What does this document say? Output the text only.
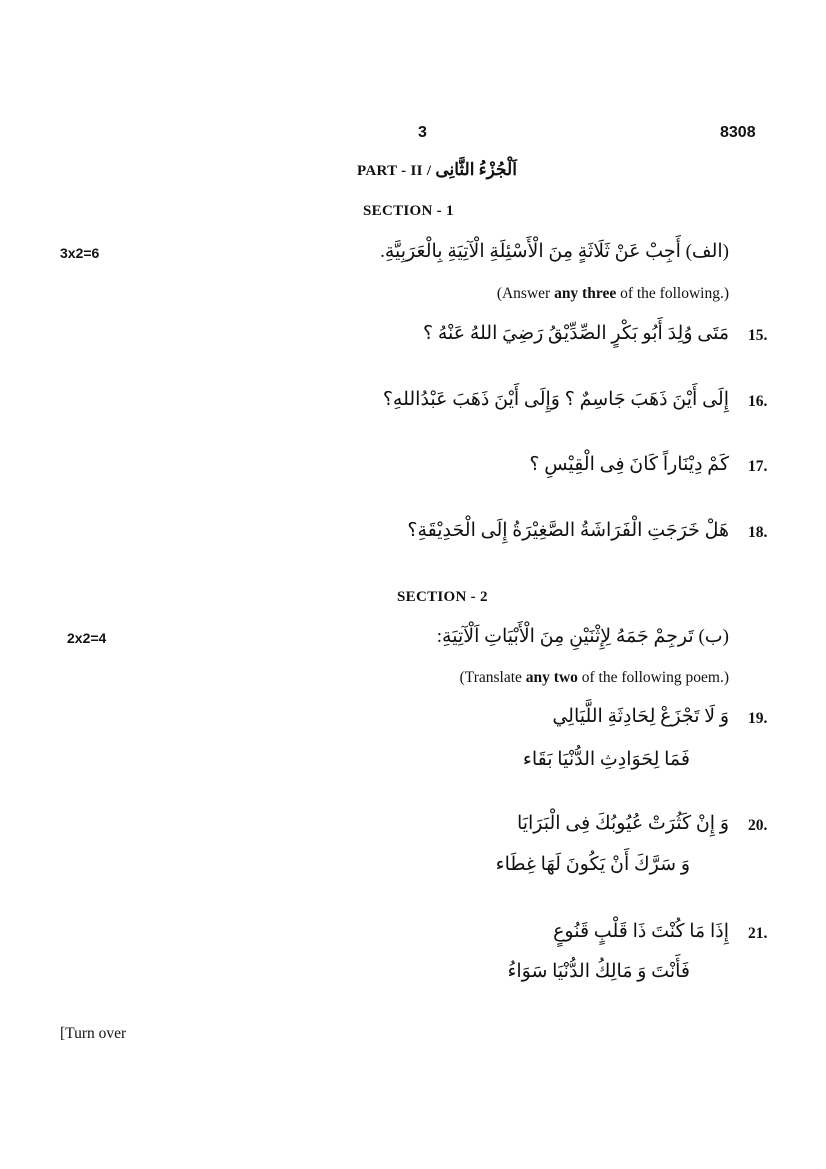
3	8308
PART - II / اَلْجُزْءُ الثَّانِى
SECTION - 1
3x2=6	(الف) أَجِبْ عَنْ ثَلَاثَةٍ مِنَ الْأَسْئِلَةِ الْآتِيَةِ بِالْعَرَبِيَّةِ.
(Answer any three of the following.)
15.
مَتَى وُلِدَ أَبُو بَكْرٍ الصِّدِّيْقُ رَضِيَ اللهُ عَنْهُ ؟
16.
إِلَى أَيْنَ ذَهَبَ جَاسِمٌ ؟ وَإِلَى أَيْنَ ذَهَبَ عَبْدُاللهِ؟
17.
كَمْ دِيْنَاراً كَانَ فِى الْقِيْسِ ؟
18.
هَلْ خَرَجَتِ الْفَرَاشَةُ الصَّغِيْرَةُ إِلَى الْحَدِيْقَةِ؟
SECTION - 2
2x2=4	(ب) تَرجِمْ جَمَهُ لِإِثْنَيْنِ مِنَ الْأَبْيَاتِ اَلْآتِيَةِ:
(Translate any two of the following poem.)
19.
وَ لَا تَجْزَعْ لِحَادِثَةِ اللَّيَالِي
فَمَا لِحَوَادِثِ الدُّنْيَا بَقَاء
20.
وَ إِنْ كَثُرَتْ عُيُوبُكَ فِى الْبَرَايَا
وَ سَرَّكَ أَنْ يَكُونَ لَهَا غِطَاء
21.
إِذَا مَا كُنْتَ ذَا قَلْبٍ قَنُوعٍ
فَأَنْتَ وَ مَالِكُ الدُّنْيَا سَوَاءُ
[Turn over
